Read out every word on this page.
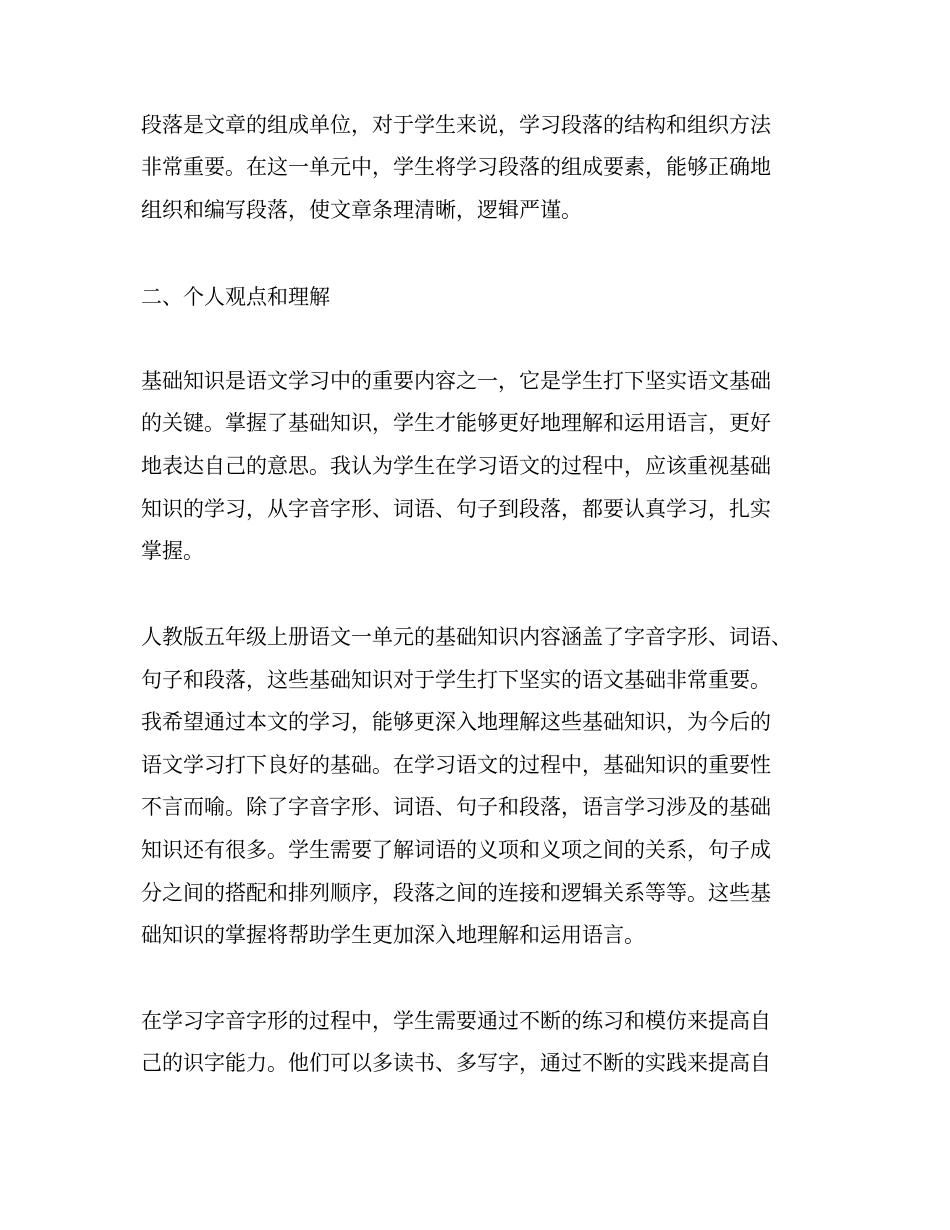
段落是文章的组成单位，对于学生来说，学习段落的结构和组织方法
非常重要。在这一单元中，学生将学习段落的组成要素，能够正确地
组织和编写段落，使文章条理清晰，逻辑严谨。
二、个人观点和理解
基础知识是语文学习中的重要内容之一，它是学生打下坚实语文基础
的关键。掌握了基础知识，学生才能够更好地理解和运用语言，更好
地表达自己的意思。我认为学生在学习语文的过程中，应该重视基础
知识的学习，从字音字形、词语、句子到段落，都要认真学习，扎实
掌握。
人教版五年级上册语文一单元的基础知识内容涵盖了字音字形、词语、
句子和段落，这些基础知识对于学生打下坚实的语文基础非常重要。
我希望通过本文的学习，能够更深入地理解这些基础知识，为今后的
语文学习打下良好的基础。在学习语文的过程中，基础知识的重要性
不言而喻。除了字音字形、词语、句子和段落，语言学习涉及的基础
知识还有很多。学生需要了解词语的义项和义项之间的关系，句子成
分之间的搭配和排列顺序，段落之间的连接和逻辑关系等等。这些基
础知识的掌握将帮助学生更加深入地理解和运用语言。
在学习字音字形的过程中，学生需要通过不断的练习和模仿来提高自
己的识字能力。他们可以多读书、多写字，通过不断的实践来提高自
